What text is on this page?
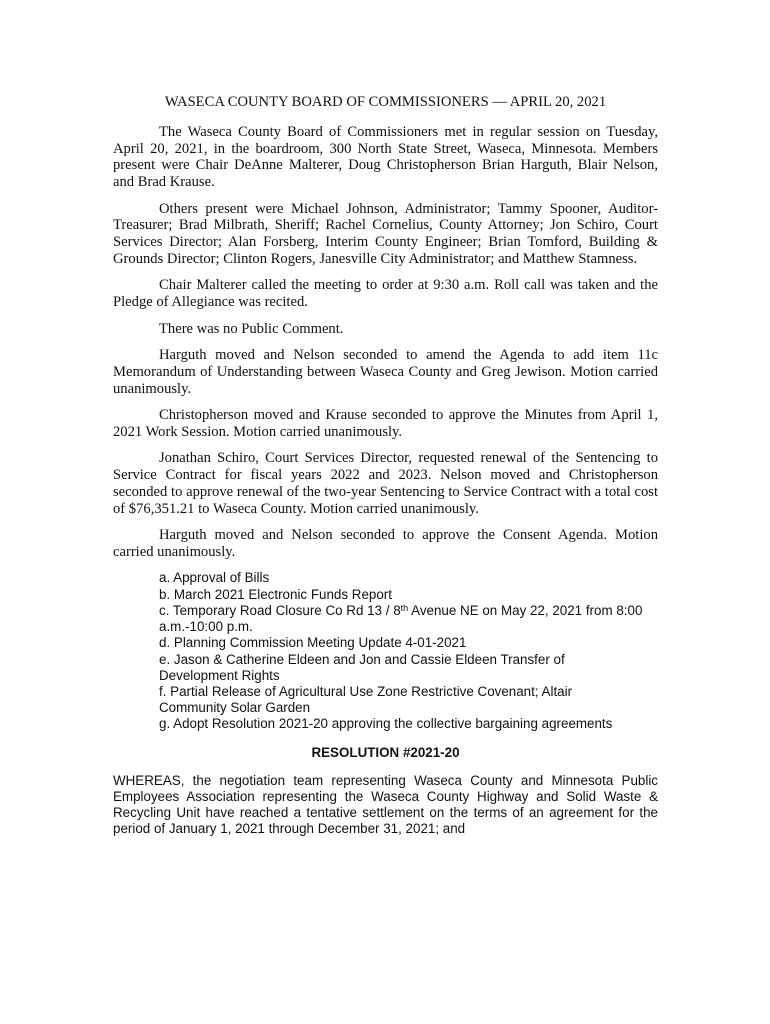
WASECA COUNTY BOARD OF COMMISSIONERS — APRIL 20, 2021

The Waseca County Board of Commissioners met in regular session on Tuesday, April 20, 2021, in the boardroom, 300 North State Street, Waseca, Minnesota. Members present were Chair DeAnne Malterer, Doug Christopherson Brian Harguth, Blair Nelson, and Brad Krause.

Others present were Michael Johnson, Administrator; Tammy Spooner, Auditor-Treasurer; Brad Milbrath, Sheriff; Rachel Cornelius, County Attorney; Jon Schiro, Court Services Director; Alan Forsberg, Interim County Engineer; Brian Tomford, Building & Grounds Director; Clinton Rogers, Janesville City Administrator; and Matthew Stamness.

Chair Malterer called the meeting to order at 9:30 a.m. Roll call was taken and the Pledge of Allegiance was recited.

There was no Public Comment.

Harguth moved and Nelson seconded to amend the Agenda to add item 11c Memorandum of Understanding between Waseca County and Greg Jewison. Motion carried unanimously.

Christopherson moved and Krause seconded to approve the Minutes from April 1, 2021 Work Session. Motion carried unanimously.

Jonathan Schiro, Court Services Director, requested renewal of the Sentencing to Service Contract for fiscal years 2022 and 2023. Nelson moved and Christopherson seconded to approve renewal of the two-year Sentencing to Service Contract with a total cost of $76,351.21 to Waseca County. Motion carried unanimously.

Harguth moved and Nelson seconded to approve the Consent Agenda. Motion carried unanimously.

a. Approval of Bills
b. March 2021 Electronic Funds Report
c. Temporary Road Closure Co Rd 13 / 8th Avenue NE on May 22, 2021 from 8:00 a.m.-10:00 p.m.
d. Planning Commission Meeting Update 4-01-2021
e. Jason & Catherine Eldeen and Jon and Cassie Eldeen Transfer of Development Rights
f. Partial Release of Agricultural Use Zone Restrictive Covenant; Altair Community Solar Garden
g. Adopt Resolution 2021-20 approving the collective bargaining agreements
RESOLUTION #2021-20

WHEREAS, the negotiation team representing Waseca County and Minnesota Public Employees Association representing the Waseca County Highway and Solid Waste & Recycling Unit have reached a tentative settlement on the terms of an agreement for the period of January 1, 2021 through December 31, 2021; and
